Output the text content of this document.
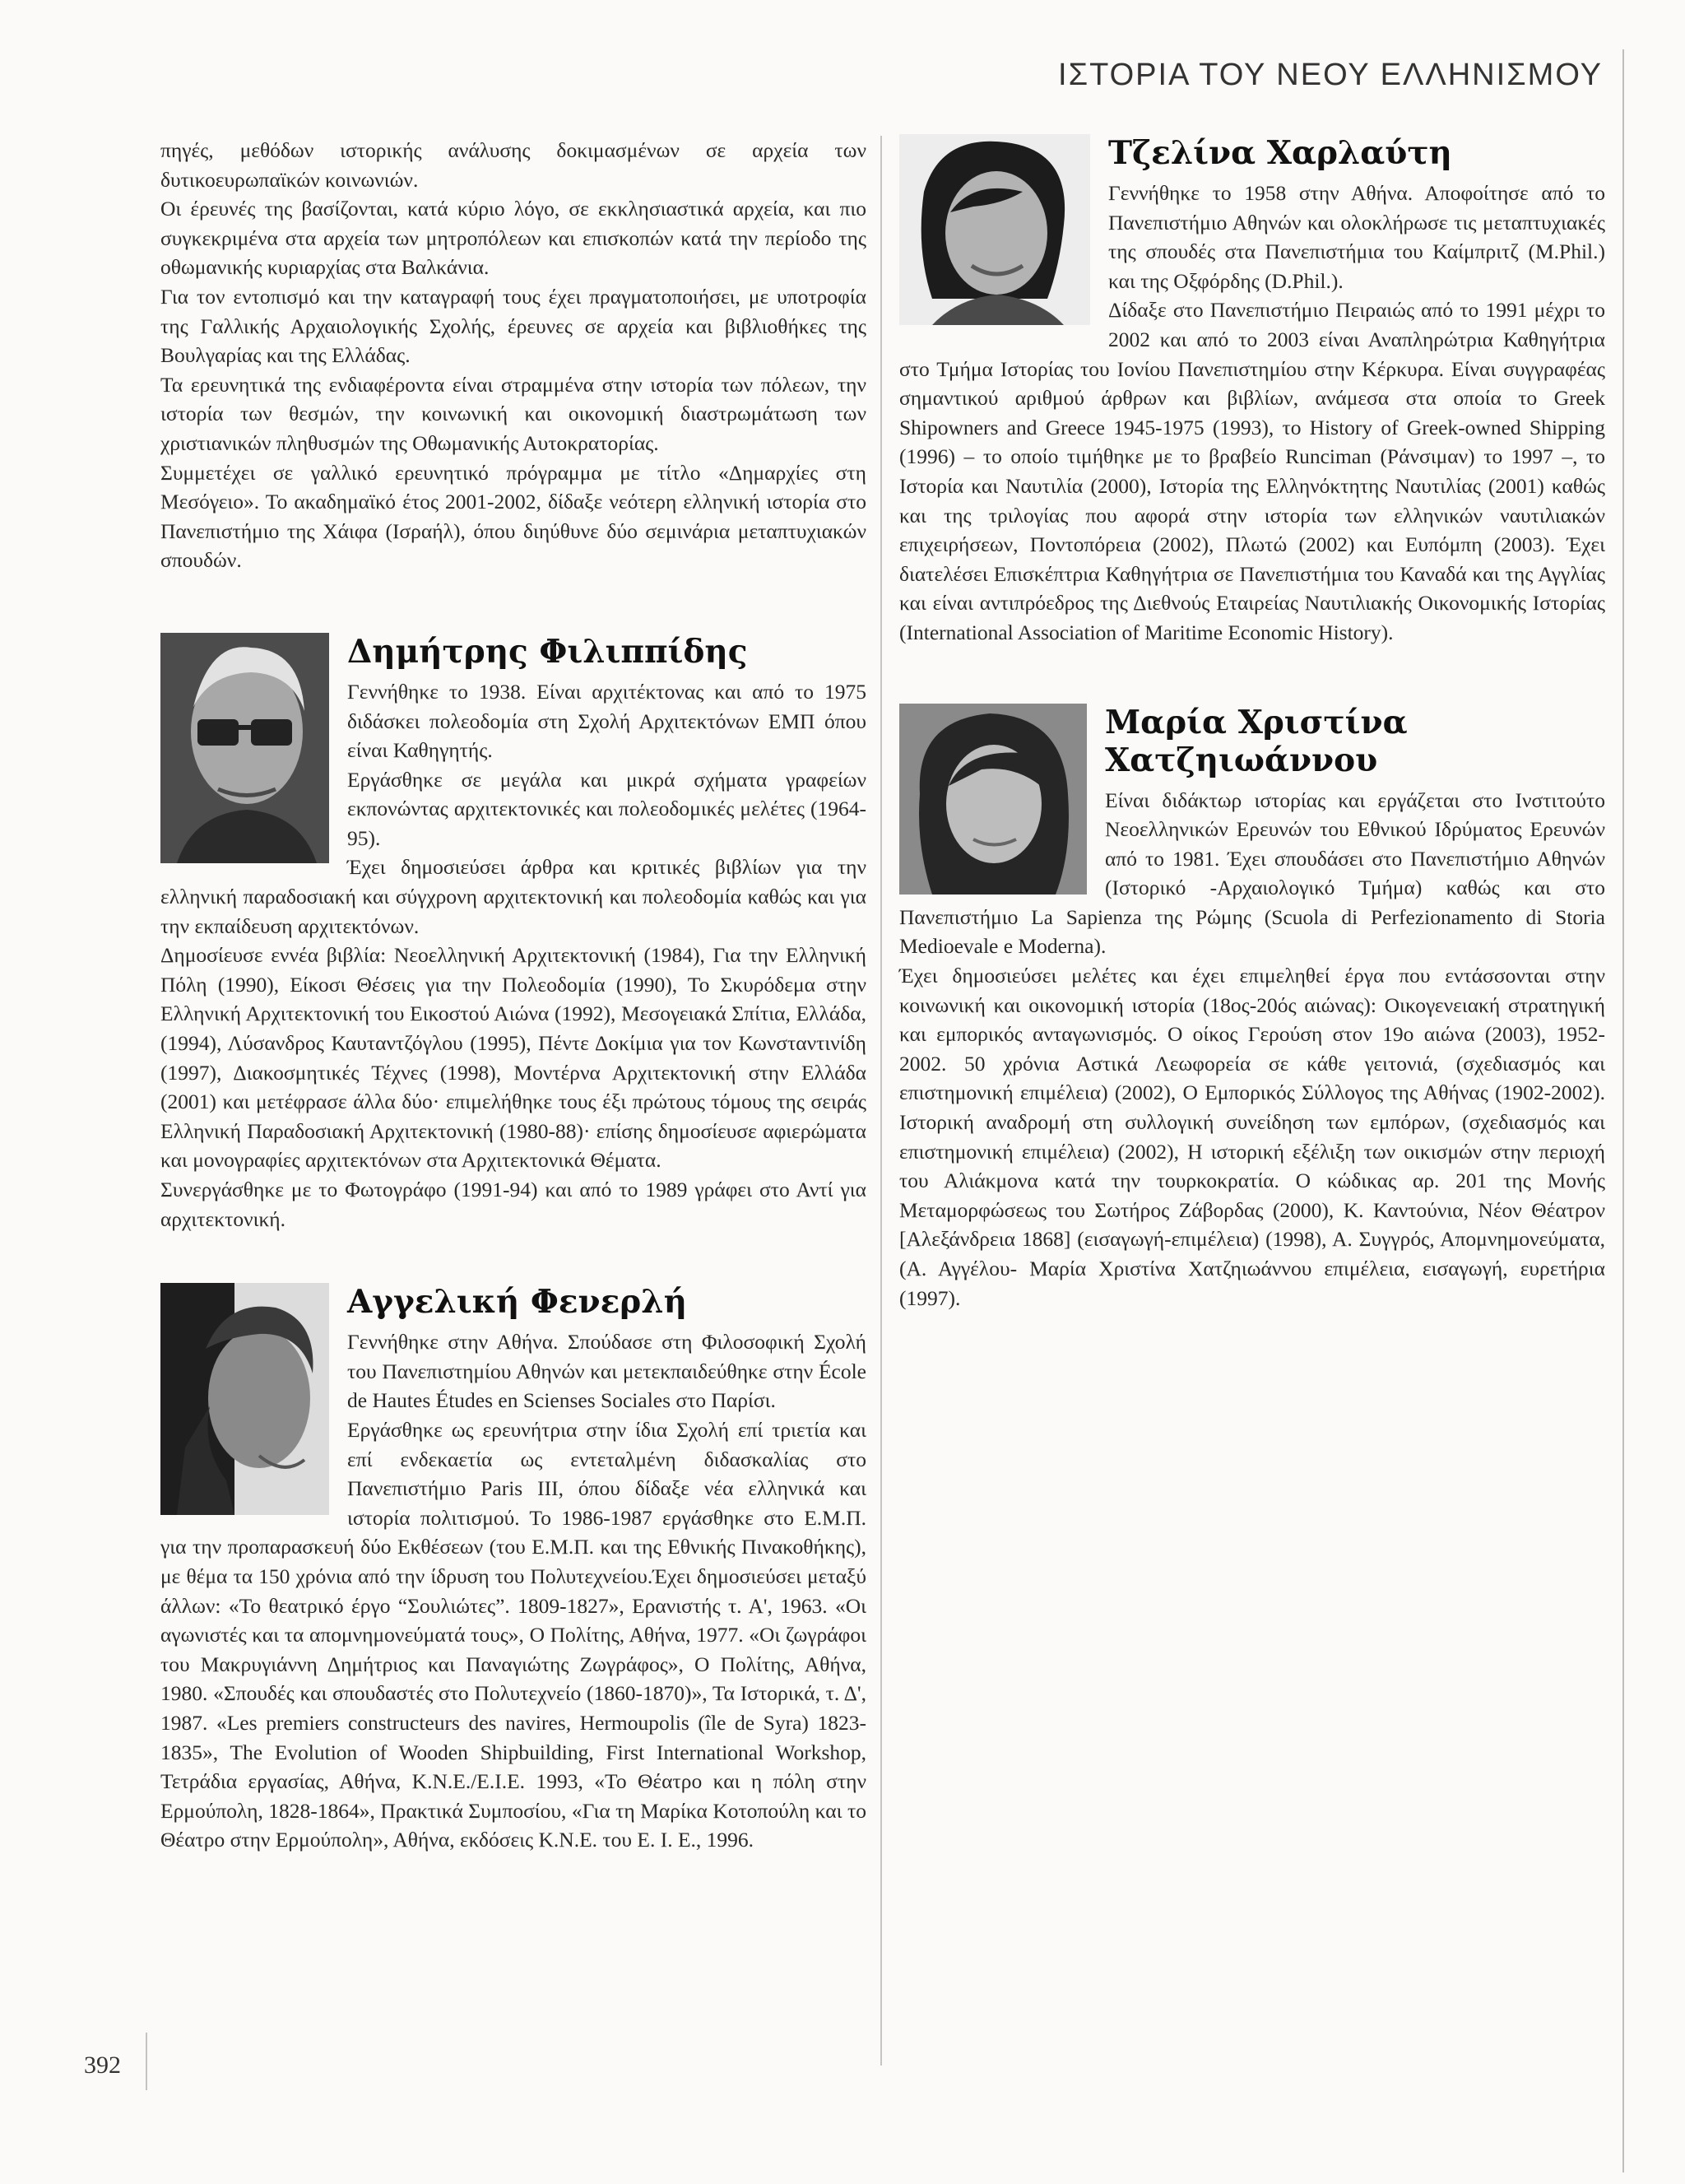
ΙΣΤΟΡΙΑ ΤΟΥ ΝΕΟΥ ΕΛΛΗΝΙΣΜΟΥ
392

πηγές, μεθόδων ιστορικής ανάλυσης δοκιμασμένων σε αρχεία των δυτικοευρωπαϊκών κοινωνιών.

Οι έρευνές της βασίζονται, κατά κύριο λόγο, σε εκκλησιαστικά αρχεία, και πιο συγκεκριμένα στα αρχεία των μητροπόλεων και επισκοπών κατά την περίοδο της οθωμανικής κυριαρχίας στα Βαλκάνια.

Για τον εντοπισμό και την καταγραφή τους έχει πραγματοποιήσει, με υποτροφία της Γαλλικής Αρχαιολογικής Σχολής, έρευνες σε αρχεία και βιβλιοθήκες της Βουλγαρίας και της Ελλάδας.

Τα ερευνητικά της ενδιαφέροντα είναι στραμμένα στην ιστορία των πόλεων, την ιστορία των θεσμών, την κοινωνική και οικονομική διαστρωμάτωση των χριστιανικών πληθυσμών της Οθωμανικής Αυτοκρατορίας.

Συμμετέχει σε γαλλικό ερευνητικό πρόγραμμα με τίτλο «Δημαρχίες στη Μεσόγειο». Το ακαδημαϊκό έτος 2001-2002, δίδαξε νεότερη ελληνική ιστορία στο Πανεπιστήμιο της Χάιφα (Ισραήλ), όπου διηύθυνε δύο σεμινάρια μεταπτυχιακών σπουδών.

Δημήτρης Φιλιππίδης

Γεννήθηκε το 1938. Είναι αρχιτέκτονας και από το 1975 διδάσκει πολεοδομία στη Σχολή Αρχιτεκτόνων ΕΜΠ όπου είναι Καθηγητής.

Εργάσθηκε σε μεγάλα και μικρά σχήματα γραφείων εκπονώντας αρχιτεκτονικές και πολεοδομικές μελέτες (1964-95).

Έχει δημοσιεύσει άρθρα και κριτικές βιβλίων για την ελληνική παραδοσιακή και σύγχρονη αρχιτεκτονική και πολεοδομία καθώς και για την εκπαίδευση αρχιτεκτόνων.

Δημοσίευσε εννέα βιβλία: Νεοελληνική Αρχιτεκτονική (1984), Για την Ελληνική Πόλη (1990), Είκοσι Θέσεις για την Πολεοδομία (1990), Το Σκυρόδεμα στην Ελληνική Αρχιτεκτονική του Εικοστού Αιώνα (1992), Μεσογειακά Σπίτια, Ελλάδα, (1994), Λύσανδρος Καυταντζόγλου (1995), Πέντε Δοκίμια για τον Κωνσταντινίδη (1997), Διακοσμητικές Τέχνες (1998), Μοντέρνα Αρχιτεκτονική στην Ελλάδα (2001) και μετέφρασε άλλα δύο· επιμελήθηκε τους έξι πρώτους τόμους της σειράς Ελληνική Παραδοσιακή Αρχιτεκτονική (1980-88)· επίσης δημοσίευσε αφιερώματα και μονογραφίες αρχιτεκτόνων στα Αρχιτεκτονικά Θέματα.

Συνεργάσθηκε με το Φωτογράφο (1991-94) και από το 1989 γράφει στο Αντί για αρχιτεκτονική.

Αγγελική Φενερλή

Γεννήθηκε στην Αθήνα. Σπούδασε στη Φιλοσοφική Σχολή του Πανεπιστημίου Αθηνών και μετεκπαιδεύθηκε στην École de Hautes Études en Scienses Sociales στο Παρίσι.

Εργάσθηκε ως ερευνήτρια στην ίδια Σχολή επί τριετία και επί ενδεκαετία ως εντεταλμένη διδασκαλίας στο Πανεπιστήμιο Paris III, όπου δίδαξε νέα ελληνικά και ιστορία πολιτισμού. Το 1986-1987 εργάσθηκε στο Ε.Μ.Π. για την προπαρασκευή δύο Εκθέσεων (του Ε.Μ.Π. και της Εθνικής Πινακοθήκης), με θέμα τα 150 χρόνια από την ίδρυση του Πολυτεχνείου.Έχει δημοσιεύσει μεταξύ άλλων: «Το θεατρικό έργο “Σουλιώτες”. 1809-1827», Ερανιστής τ. Α', 1963. «Οι αγωνιστές και τα απομνημονεύματά τους», Ο Πολίτης, Αθήνα, 1977. «Οι ζωγράφοι του Μακρυγιάννη Δημήτριος και Παναγιώτης Ζωγράφος», Ο Πολίτης, Αθήνα, 1980. «Σπουδές και σπουδαστές στο Πολυτεχνείο (1860-1870)», Τα Ιστορικά, τ. Δ', 1987. «Les premiers constructeurs des navires, Hermoupolis (île de Syra) 1823-1835», The Evolution of Wooden Shipbuilding, First International Workshop, Τετράδια εργασίας, Αθήνα, Κ.Ν.Ε./Ε.Ι.Ε. 1993, «Το Θέατρο και η πόλη στην Ερμούπολη, 1828-1864», Πρακτικά Συμποσίου, «Για τη Μαρίκα Κοτοπούλη και το Θέατρο στην Ερμούπολη», Αθήνα, εκδόσεις Κ.Ν.Ε. του Ε. Ι. Ε., 1996.

Τζελίνα Χαρλαύτη

Γεννήθηκε το 1958 στην Αθήνα. Αποφοίτησε από το Πανεπιστήμιο Αθηνών και ολοκλήρωσε τις μεταπτυχιακές της σπουδές στα Πανεπιστήμια του Καίμπριτζ (M.Phil.) και της Οξφόρδης (D.Phil.).

Δίδαξε στο Πανεπιστήμιο Πειραιώς από το 1991 μέχρι το 2002 και από το 2003 είναι Αναπληρώτρια Καθηγήτρια στο Τμήμα Ιστορίας του Ιονίου Πανεπιστημίου στην Κέρκυρα. Είναι συγγραφέας σημαντικού αριθμού άρθρων και βιβλίων, ανάμεσα στα οποία το Greek Shipowners and Greece 1945-1975 (1993), το History of Greek-owned Shipping (1996) – το οποίο τιμήθηκε με το βραβείο Runciman (Ράνσιμαν) το 1997 –, το Ιστορία και Ναυτιλία (2000), Ιστορία της Ελληνόκτητης Ναυτιλίας (2001) καθώς και της τριλογίας που αφορά στην ιστορία των ελληνικών ναυτιλιακών επιχειρήσεων, Ποντοπόρεια (2002), Πλωτώ (2002) και Ευπόμπη (2003). Έχει διατελέσει Επισκέπτρια Καθηγήτρια σε Πανεπιστήμια του Καναδά και της Αγγλίας και είναι αντιπρόεδρος της Διεθνούς Εταιρείας Ναυτιλιακής Οικονομικής Ιστορίας (International Association of Maritime Economic History).

Μαρία Χριστίνα Χατζηιωάννου

Είναι διδάκτωρ ιστορίας και εργάζεται στο Ινστιτούτο Νεοελληνικών Ερευνών του Εθνικού Ιδρύματος Ερευνών από το 1981. Έχει σπουδάσει στο Πανεπιστήμιο Αθηνών (Ιστορικό -Αρχαιολογικό Τμήμα) καθώς και στο Πανεπιστήμιο La Sapienza της Ρώμης (Scuola di Perfezionamento di Storia Medioevale e Moderna).

Έχει δημοσιεύσει μελέτες και έχει επιμεληθεί έργα που εντάσσονται στην κοινωνική και οικονομική ιστορία (18ος-20ός αιώνας): Οικογενειακή στρατηγική και εμπορικός ανταγωνισμός. Ο οίκος Γερούση στον 19ο αιώνα (2003), 1952- 2002. 50 χρόνια Αστικά Λεωφορεία σε κάθε γειτονιά, (σχεδιασμός και επιστημονική επιμέλεια) (2002), Ο Εμπορικός Σύλλογος της Αθήνας (1902-2002). Ιστορική αναδρομή στη συλλογική συνείδηση των εμπόρων, (σχεδιασμός και επιστημονική επιμέλεια) (2002), Η ιστορική εξέλιξη των οικισμών στην περιοχή του Αλιάκμονα κατά την τουρκοκρατία. Ο κώδικας αρ. 201 της Μονής Μεταμορφώσεως του Σωτήρος Ζάβορδας (2000), Κ. Καντούνια, Νέον Θέατρον [Αλεξάνδρεια 1868] (εισαγωγή-επιμέλεια) (1998), Α. Συγγρός, Απομνημονεύματα, (Α. Αγγέλου- Μαρία Χριστίνα Χατζηιωάννου επιμέλεια, εισαγωγή, ευρετήρια (1997).
